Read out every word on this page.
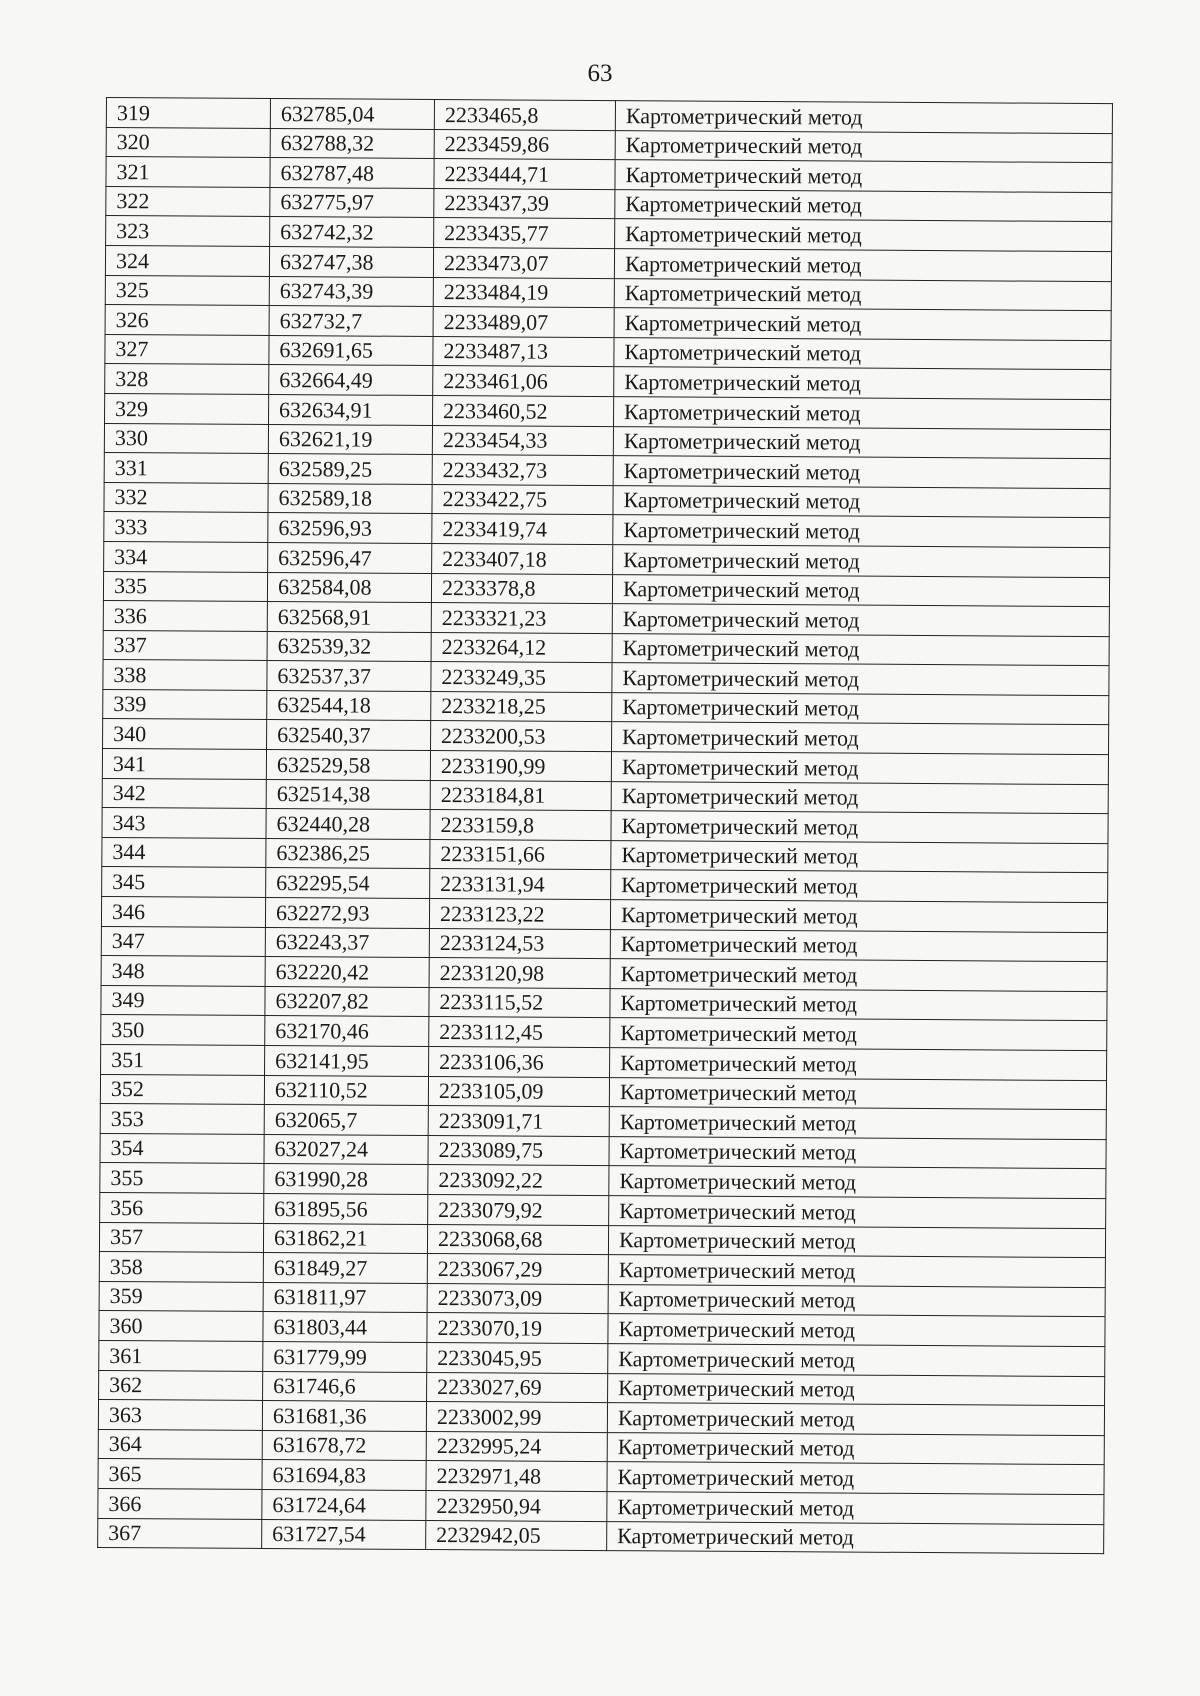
63
319	632785,04	2233465,8	Картометрический метод
320	632788,32	2233459,86	Картометрический метод
321	632787,48	2233444,71	Картометрический метод
322	632775,97	2233437,39	Картометрический метод
323	632742,32	2233435,77	Картометрический метод
324	632747,38	2233473,07	Картометрический метод
325	632743,39	2233484,19	Картометрический метод
326	632732,7	2233489,07	Картометрический метод
327	632691,65	2233487,13	Картометрический метод
328	632664,49	2233461,06	Картометрический метод
329	632634,91	2233460,52	Картометрический метод
330	632621,19	2233454,33	Картометрический метод
331	632589,25	2233432,73	Картометрический метод
332	632589,18	2233422,75	Картометрический метод
333	632596,93	2233419,74	Картометрический метод
334	632596,47	2233407,18	Картометрический метод
335	632584,08	2233378,8	Картометрический метод
336	632568,91	2233321,23	Картометрический метод
337	632539,32	2233264,12	Картометрический метод
338	632537,37	2233249,35	Картометрический метод
339	632544,18	2233218,25	Картометрический метод
340	632540,37	2233200,53	Картометрический метод
341	632529,58	2233190,99	Картометрический метод
342	632514,38	2233184,81	Картометрический метод
343	632440,28	2233159,8	Картометрический метод
344	632386,25	2233151,66	Картометрический метод
345	632295,54	2233131,94	Картометрический метод
346	632272,93	2233123,22	Картометрический метод
347	632243,37	2233124,53	Картометрический метод
348	632220,42	2233120,98	Картометрический метод
349	632207,82	2233115,52	Картометрический метод
350	632170,46	2233112,45	Картометрический метод
351	632141,95	2233106,36	Картометрический метод
352	632110,52	2233105,09	Картометрический метод
353	632065,7	2233091,71	Картометрический метод
354	632027,24	2233089,75	Картометрический метод
355	631990,28	2233092,22	Картометрический метод
356	631895,56	2233079,92	Картометрический метод
357	631862,21	2233068,68	Картометрический метод
358	631849,27	2233067,29	Картометрический метод
359	631811,97	2233073,09	Картометрический метод
360	631803,44	2233070,19	Картометрический метод
361	631779,99	2233045,95	Картометрический метод
362	631746,6	2233027,69	Картометрический метод
363	631681,36	2233002,99	Картометрический метод
364	631678,72	2232995,24	Картометрический метод
365	631694,83	2232971,48	Картометрический метод
366	631724,64	2232950,94	Картометрический метод
367	631727,54	2232942,05	Картометрический метод
